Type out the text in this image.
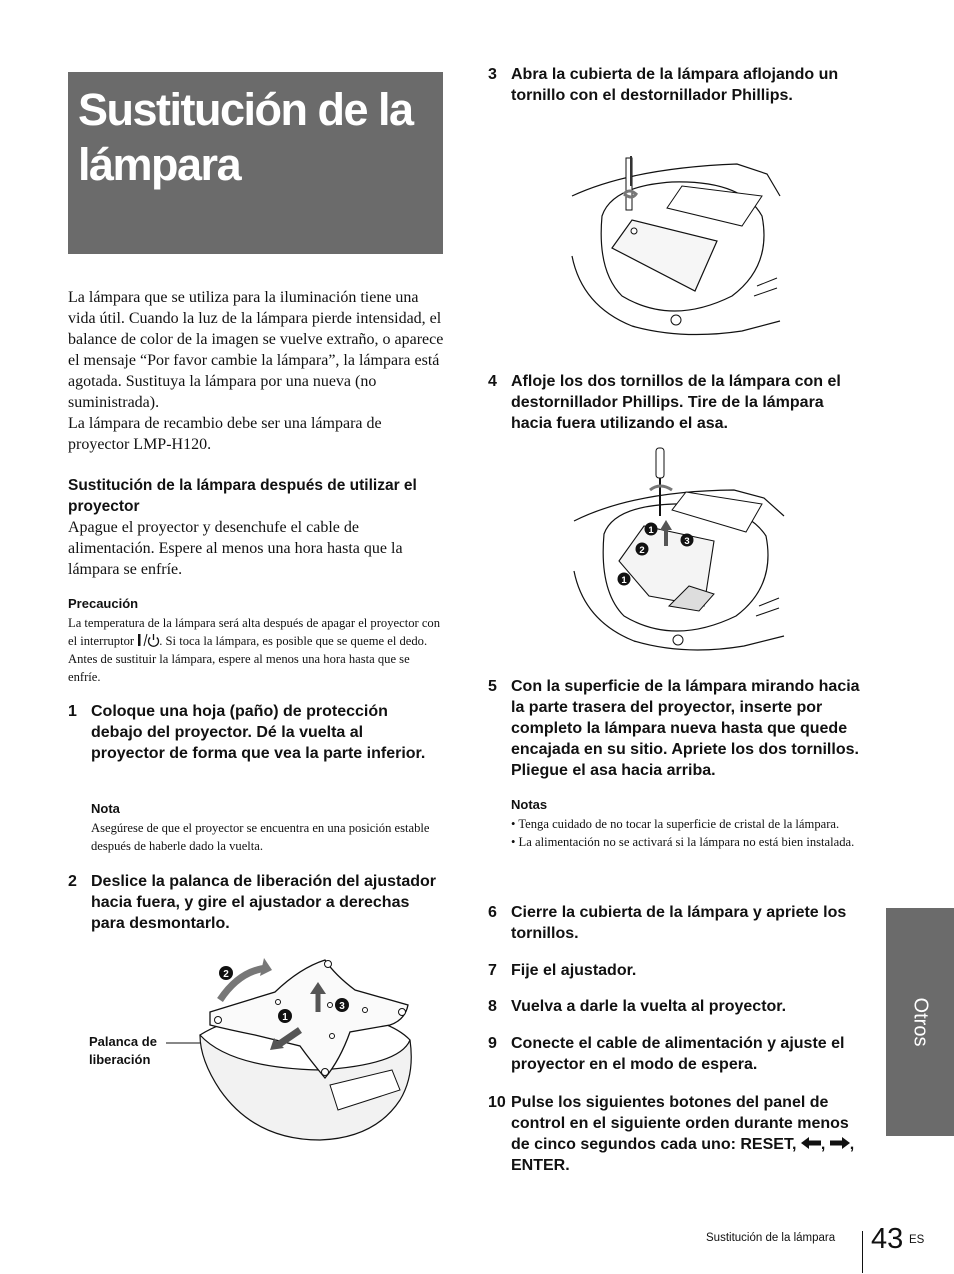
Sustitución de la lámpara
La lámpara que se utiliza para la iluminación tiene una vida útil. Cuando la luz de la lámpara pierde intensidad, el balance de color de la imagen se vuelve extraño, o aparece el mensaje “Por favor cambie la lámpara”, la lámpara está agotada. Sustituya la lámpara por una nueva (no suministrada).
La lámpara de recambio debe ser una lámpara de proyector LMP-H120.
Sustitución de la lámpara después de utilizar el proyector
Apague el proyector y desenchufe el cable de alimentación. Espere al menos una hora hasta que la lámpara se enfríe.
Precaución
La temperatura de la lámpara será alta después de apagar el proyector con el interruptor . Si toca la lámpara, es posible que se queme el dedo. Antes de sustituir la lámpara, espere al menos una hora hasta que se enfríe.
1 Coloque una hoja (paño) de protección debajo del proyector. Dé la vuelta al proyector de forma que vea la parte inferior.
Nota
Asegúrese de que el proyector se encuentra en una posición estable después de haberle dado la vuelta.
2 Deslice la palanca de liberación del ajustador hacia fuera, y gire el ajustador a derechas para desmontarlo.
Palanca de liberación
2
1
3
3 Abra la cubierta de la lámpara aflojando un tornillo con el destornillador Phillips.
4 Afloje los dos tornillos de la lámpara con el destornillador Phillips. Tire de la lámpara hacia fuera utilizando el asa.
1
2
3
1
5 Con la superficie de la lámpara mirando hacia la parte trasera del proyector, inserte por completo la lámpara nueva hasta que quede encajada en su sitio. Apriete los dos tornillos. Pliegue el asa hacia arriba.
Notas
• Tenga cuidado de no tocar la superficie de cristal de la lámpara.
• La alimentación no se activará si la lámpara no está bien instalada.
6 Cierre la cubierta de la lámpara y apriete los tornillos.
7 Fije el ajustador.
8 Vuelva a darle la vuelta al proyector.
9 Conecte el cable de alimentación y ajuste el proyector en el modo de espera.
10 Pulse los siguientes botones del panel de control en el siguiente orden durante menos de cinco segundos cada uno: RESET, , , ENTER.
Otros
Sustitución de la lámpara 43 ES
